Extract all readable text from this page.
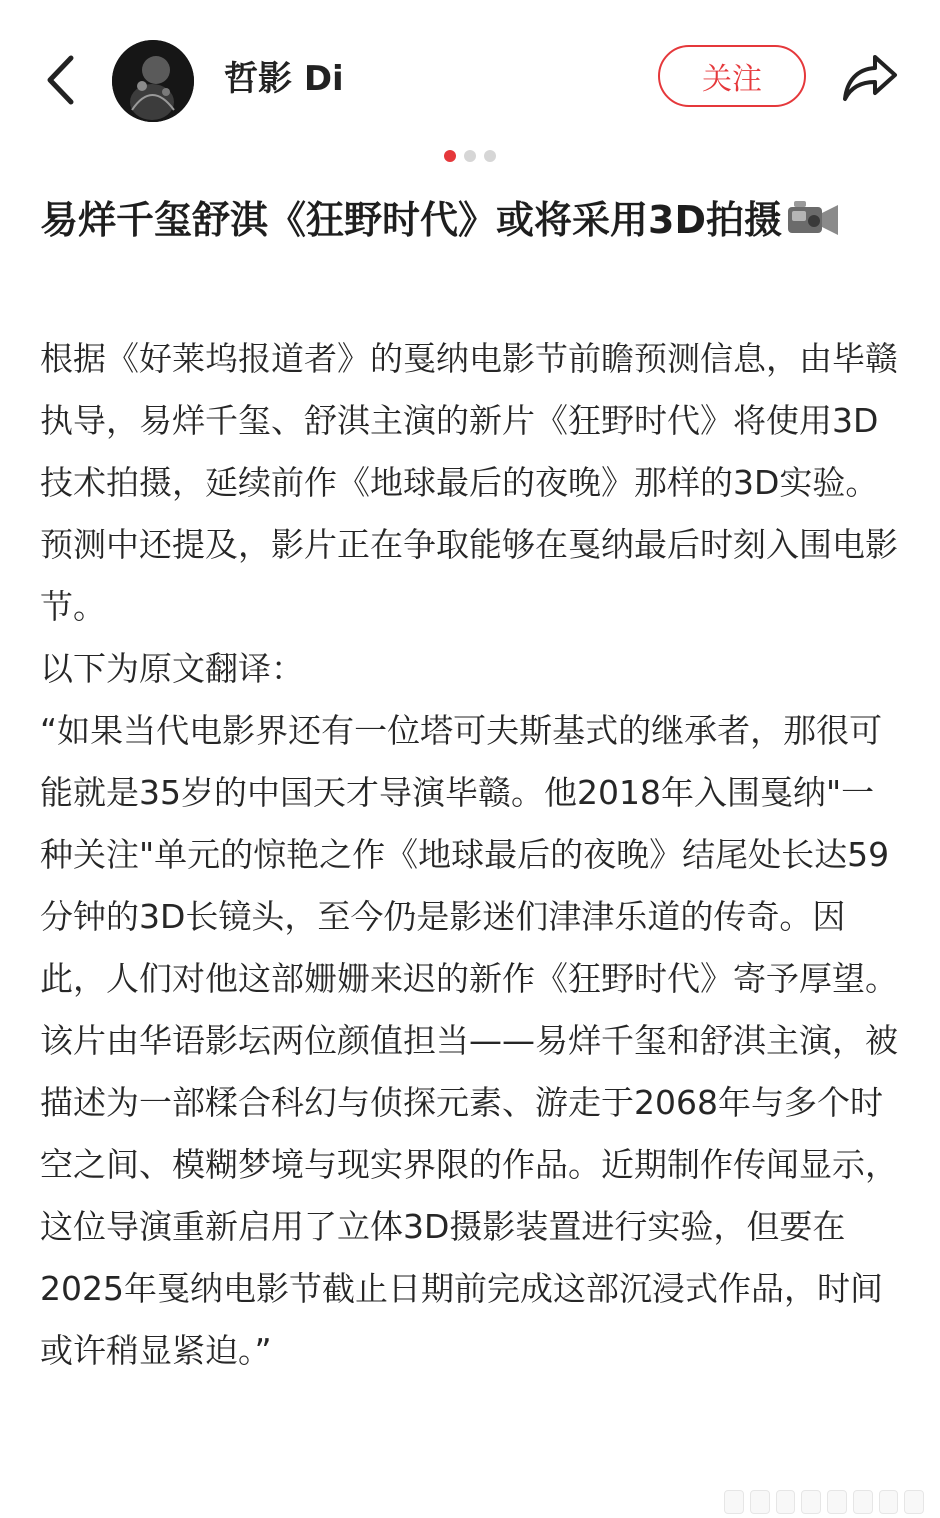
哲影 Di	关注
易烊千玺舒淇《狂野时代》或将采用3D拍摄

根据《好莱坞报道者》的戛纳电影节前瞻预测信息，由毕赣执导，易烊千玺、舒淇主演的新片《狂野时代》将使用3D技术拍摄，延续前作《地球最后的夜晚》那样的3D实验。预测中还提及，影片正在争取能够在戛纳最后时刻入围电影节。

以下为原文翻译：

“如果当代电影界还有一位塔可夫斯基式的继承者，那很可能就是35岁的中国天才导演毕赣。他2018年入围戛纳"一种关注"单元的惊艳之作《地球最后的夜晚》结尾处长达59分钟的3D长镜头，至今仍是影迷们津津乐道的传奇。因此，人们对他这部姗姗来迟的新作《狂野时代》寄予厚望。该片由华语影坛两位颜值担当——易烊千玺和舒淇主演，被描述为一部糅合科幻与侦探元素、游走于2068年与多个时空之间、模糊梦境与现实界限的作品。近期制作传闻显示，这位导演重新启用了立体3D摄影装置进行实验，但要在2025年戛纳电影节截止日期前完成这部沉浸式作品，时间或许稍显紧迫。”
